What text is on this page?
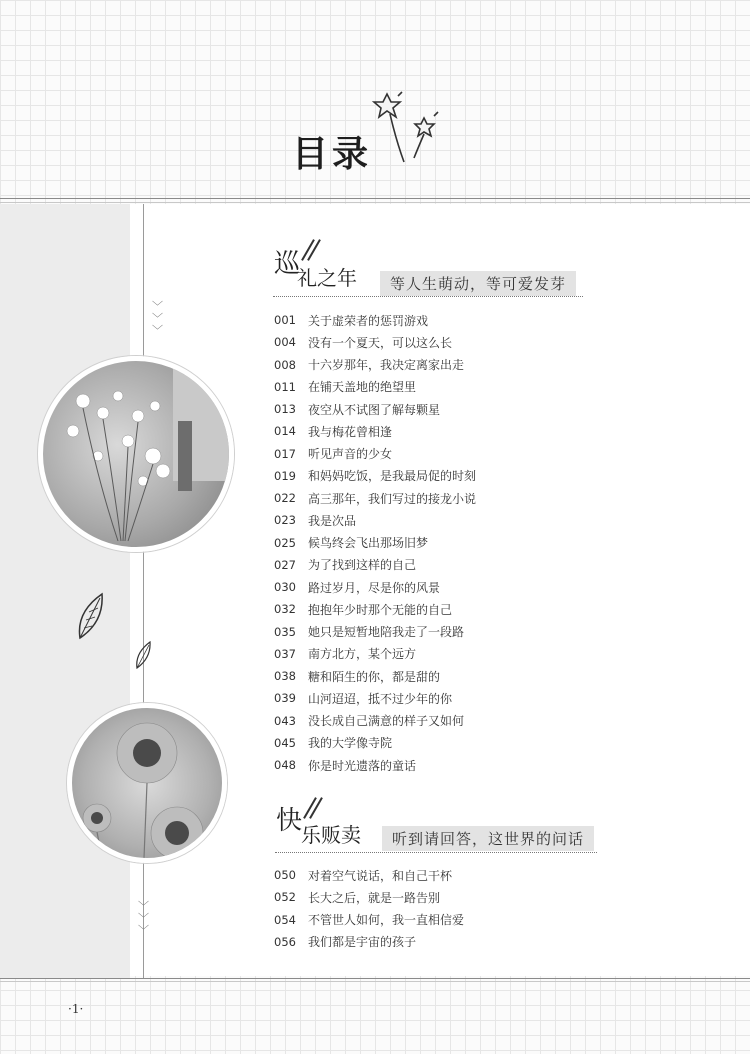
目录
﹀
﹀
﹀
﹀
﹀
﹀
巡
礼之年	等人生萌动，等可爱发芽
001	关于虚荣者的惩罚游戏
004	没有一个夏天，可以这么长
008	十六岁那年，我决定离家出走
011	在铺天盖地的绝望里
013	夜空从不试图了解每颗星
014	我与梅花曾相逢
017	听见声音的少女
019	和妈妈吃饭，是我最局促的时刻
022	高三那年，我们写过的接龙小说
023	我是次品
025	候鸟终会飞出那场旧梦
027	为了找到这样的自己
030	路过岁月，尽是你的风景
032	抱抱年少时那个无能的自己
035	她只是短暂地陪我走了一段路
037	南方北方，某个远方
038	糖和陌生的你，都是甜的
039	山河迢迢，抵不过少年的你
043	没长成自己满意的样子又如何
045	我的大学像寺院
048	你是时光遗落的童话
快
乐贩卖	听到请回答，这世界的问话
050	对着空气说话，和自己干杯
052	长大之后，就是一路告别
054	不管世人如何，我一直相信爱
056	我们都是宇宙的孩子
·1·
